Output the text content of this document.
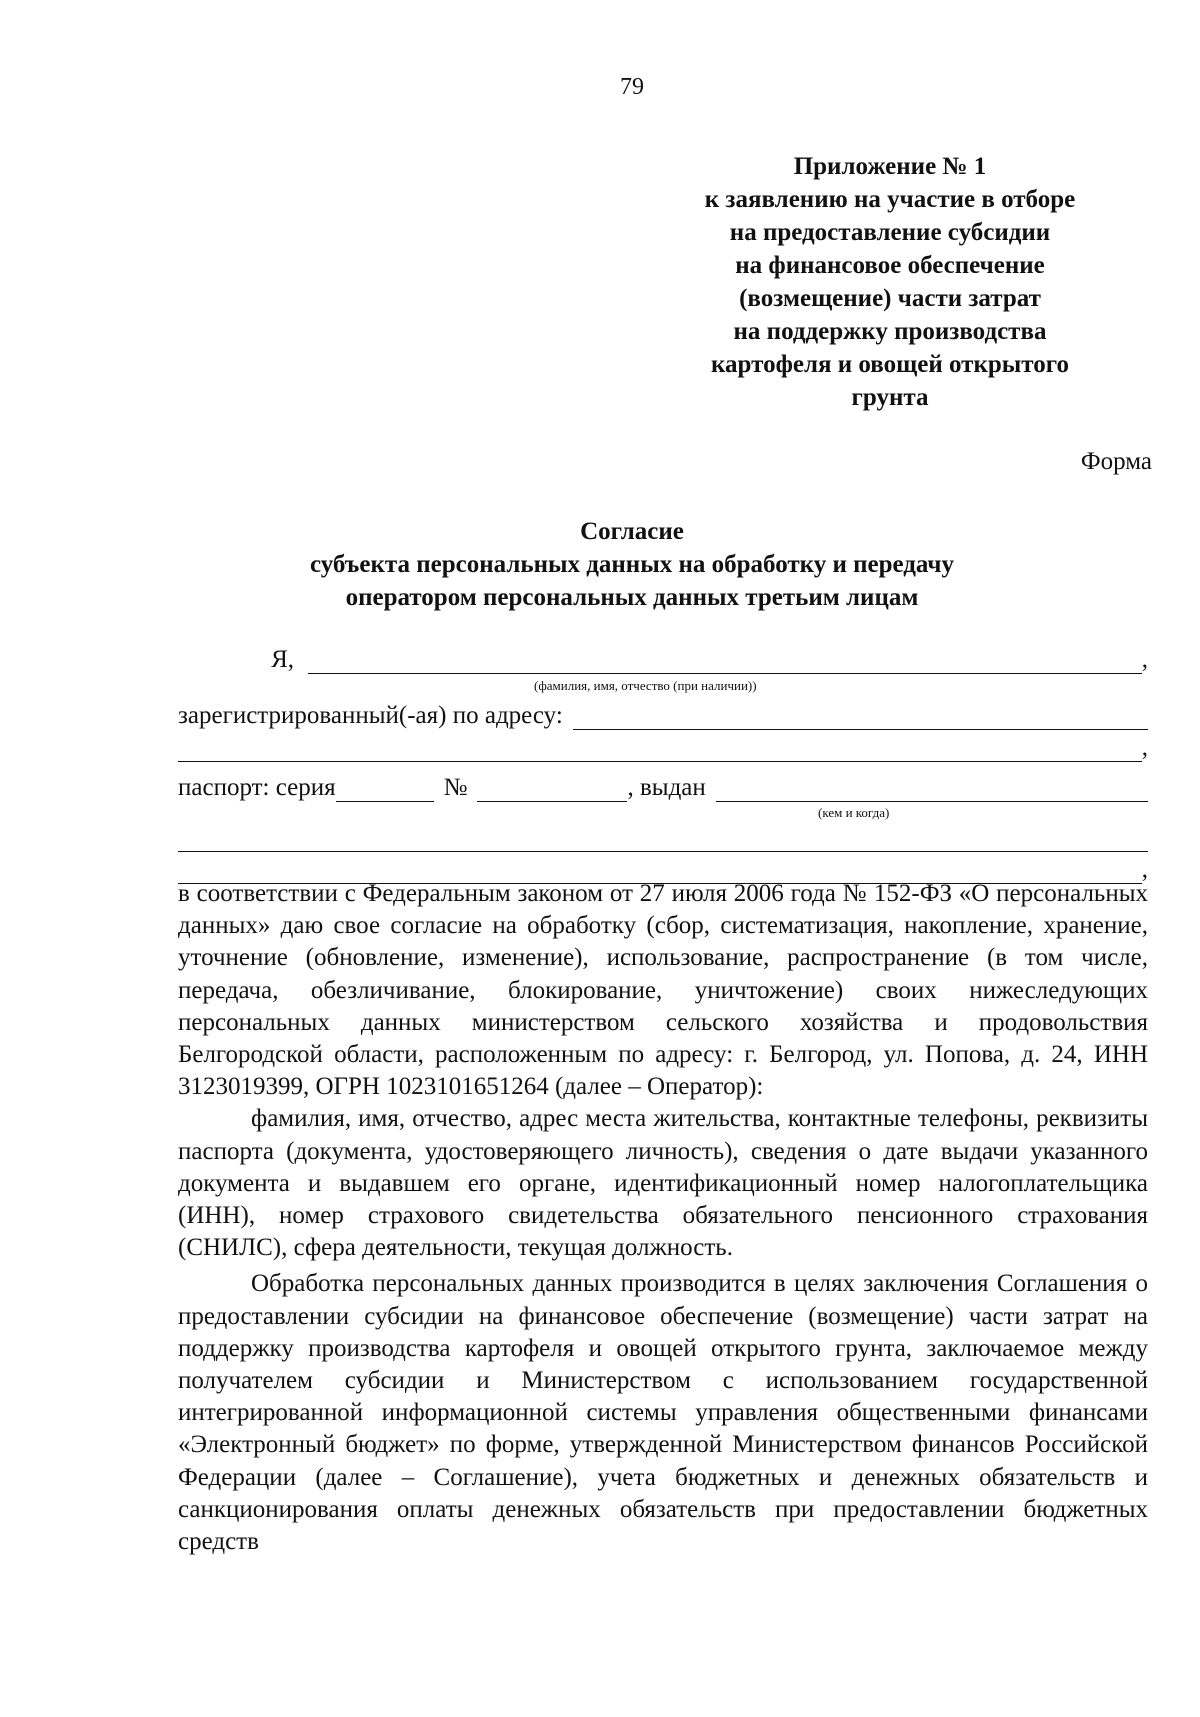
79
Приложение № 1
к заявлению на участие в отборе
на предоставление субсидии
на финансовое обеспечение
(возмещение) части затрат
на поддержку производства
картофеля и овощей открытого
грунта
Форма
Согласие
субъекта персональных данных на обработку и передачу
оператором персональных данных третьим лицам
Я,	,
(фамилия, имя, отчество (при наличии))
зарегистрированный(-ая) по адресу:
,
паспорт: серия	№	, выдан
(кем и когда)
,

в соответствии с Федеральным законом от 27 июля 2006 года № 152-ФЗ «О персональных данных» даю свое согласие на обработку (сбор, систематизация, накопление, хранение, уточнение (обновление, изменение), использование, распространение (в том числе, передача, обезличивание, блокирование, уничтожение) своих нижеследующих персональных данных министерством сельского хозяйства и продовольствия Белгородской области, расположенным по адресу: г. Белгород, ул. Попова, д. 24, ИНН 3123019399, ОГРН 1023101651264 (далее – Оператор):

фамилия, имя, отчество, адрес места жительства, контактные телефоны, реквизиты паспорта (документа, удостоверяющего личность), сведения о дате выдачи указанного документа и выдавшем его органе, идентификационный номер налогоплательщика (ИНН), номер страхового свидетельства обязательного пенсионного страхования (СНИЛС), сфера деятельности, текущая должность.

Обработка персональных данных производится в целях заключения Соглашения о предоставлении субсидии на финансовое обеспечение (возмещение) части затрат на поддержку производства картофеля и овощей открытого грунта, заключаемое между получателем субсидии и Министерством с использованием государственной интегрированной информационной системы управления общественными финансами «Электронный бюджет» по форме, утвержденной Министерством финансов Российской Федерации (далее – Соглашение), учета бюджетных и денежных обязательств и санкционирования оплаты денежных обязательств при предоставлении бюджетных средств
